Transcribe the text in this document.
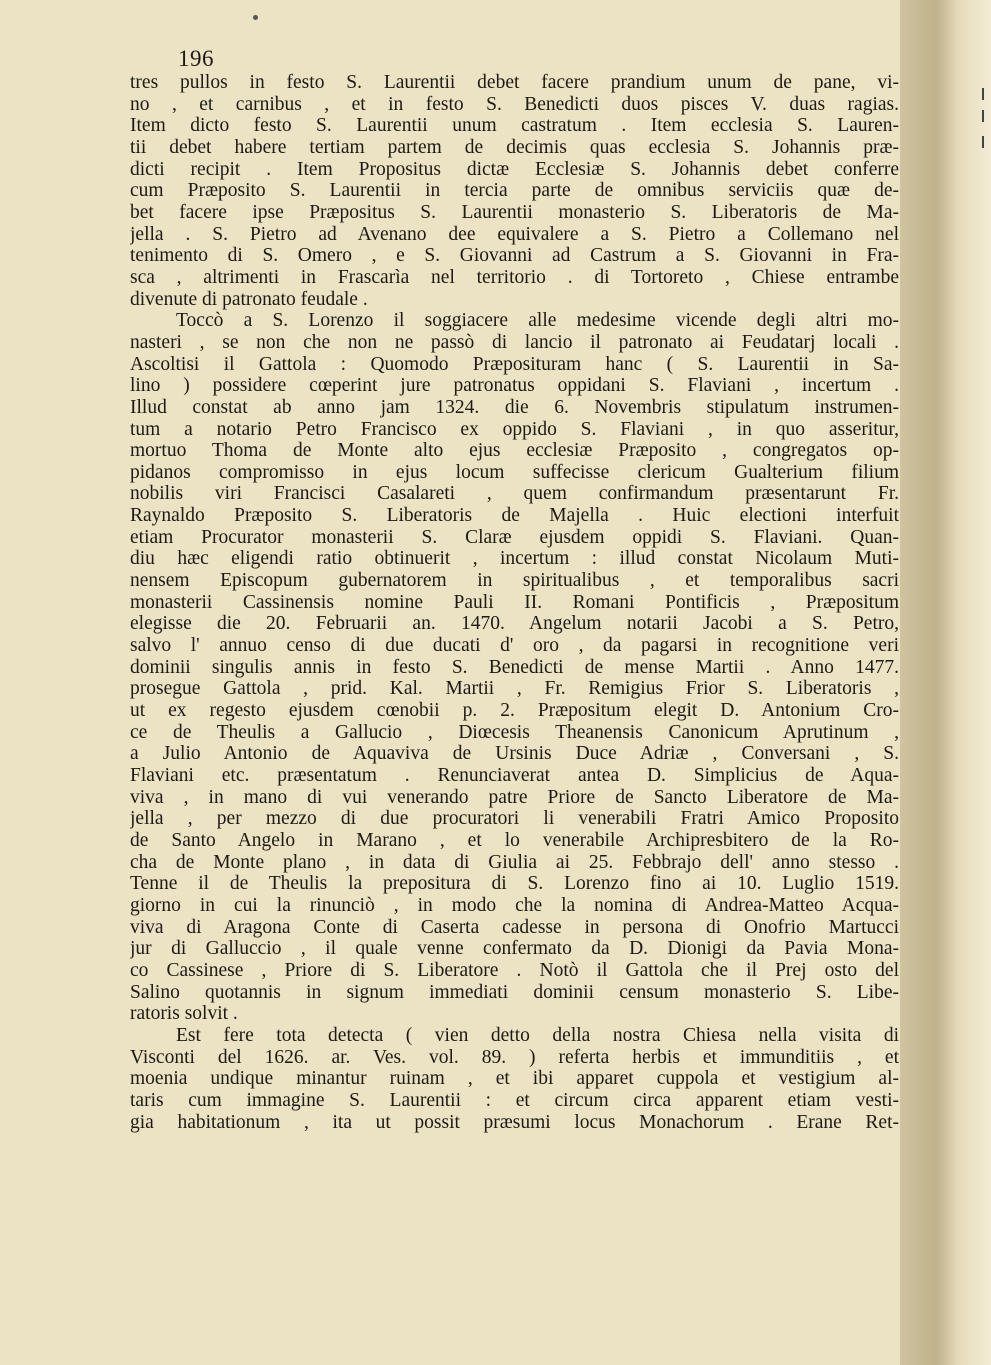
196
tres pullos in festo S. Laurentii debet facere prandium unum de pane, vi-
no , et carnibus , et in festo S. Benedicti duos pisces V. duas ragias.
Item dicto festo S. Laurentii unum castratum . Item ecclesia S. Lauren-
tii debet habere tertiam partem de decimis quas ecclesia S. Johannis præ-
dicti recipit . Item Propositus dictæ Ecclesiæ S. Johannis debet conferre
cum Præposito S. Laurentii in tercia parte de omnibus serviciis quæ de-
bet facere ipse Præpositus S. Laurentii monasterio S. Liberatoris de Ma-
jella . S. Pietro ad Avenano dee equivalere a S. Pietro a Collemano nel
tenimento di S. Omero , e S. Giovanni ad Castrum a S. Giovanni in Fra-
sca , altrimenti in Frascarìa nel territorio . di Tortoreto , Chiese entrambe
divenute di patronato feudale .
Toccò a S. Lorenzo il soggiacere alle medesime vicende degli altri mo-
nasteri , se non che non ne passò di lancio il patronato ai Feudatarj locali .
Ascoltisi il Gattola : Quomodo Præposituram hanc ( S. Laurentii in Sa-
lino ) possidere cœperint jure patronatus oppidani S. Flaviani , incertum .
Illud constat ab anno jam 1324. die 6. Novembris stipulatum instrumen-
tum a notario Petro Francisco ex oppido S. Flaviani , in quo asseritur,
mortuo Thoma de Monte alto ejus ecclesiæ Præposito , congregatos op-
pidanos compromisso in ejus locum suffecisse clericum Gualterium filium
nobilis viri Francisci Casalareti , quem confirmandum præsentarunt Fr.
Raynaldo Præposito S. Liberatoris de Majella . Huic electioni interfuit
etiam Procurator monasterii S. Claræ ejusdem oppidi S. Flaviani. Quan-
diu hæc eligendi ratio obtinuerit , incertum : illud constat Nicolaum Muti-
nensem Episcopum gubernatorem in spiritualibus , et temporalibus sacri
monasterii Cassinensis nomine Pauli II. Romani Pontificis , Præpositum
elegisse die 20. Februarii an. 1470. Angelum notarii Jacobi a S. Petro,
salvo l' annuo censo di due ducati d' oro , da pagarsi in recognitione veri
dominii singulis annis in festo S. Benedicti de mense Martii . Anno 1477.
prosegue Gattola , prid. Kal. Martii , Fr. Remigius Frior S. Liberatoris ,
ut ex regesto ejusdem cœnobii p. 2. Præpositum elegit D. Antonium Cro-
ce de Theulis a Gallucio , Diœcesis Theanensis Canonicum Aprutinum ,
a Julio Antonio de Aquaviva de Ursinis Duce Adriæ , Conversani , S.
Flaviani etc. præsentatum . Renunciaverat antea D. Simplicius de Aqua-
viva , in mano di vui venerando patre Priore de Sancto Liberatore de Ma-
jella , per mezzo di due procuratori li venerabili Fratri Amico Proposito
de Santo Angelo in Marano , et lo venerabile Archipresbitero de la Ro-
cha de Monte plano , in data di Giulia ai 25. Febbrajo dell' anno stesso .
Tenne il de Theulis la prepositura di S. Lorenzo fino ai 10. Luglio 1519.
giorno in cui la rinunciò , in modo che la nomina di Andrea-Matteo Acqua-
viva di Aragona Conte di Caserta cadesse in persona di Onofrio Martucci
jur di Galluccio , il quale venne confermato da D. Dionigi da Pavia Mona-
co Cassinese , Priore di S. Liberatore . Notò il Gattola che il Prej osto del
Salino quotannis in signum immediati dominii censum monasterio S. Libe-
ratoris solvit .
Est fere tota detecta ( vien detto della nostra Chiesa nella visita di
Visconti del 1626. ar. Ves. vol. 89. ) referta herbis et immunditiis , et
moenia undique minantur ruinam , et ibi apparet cuppola et vestigium al-
taris cum immagine S. Laurentii : et circum circa apparent etiam vesti-
gia habitationum , ita ut possit præsumi locus Monachorum . Erane Ret-
